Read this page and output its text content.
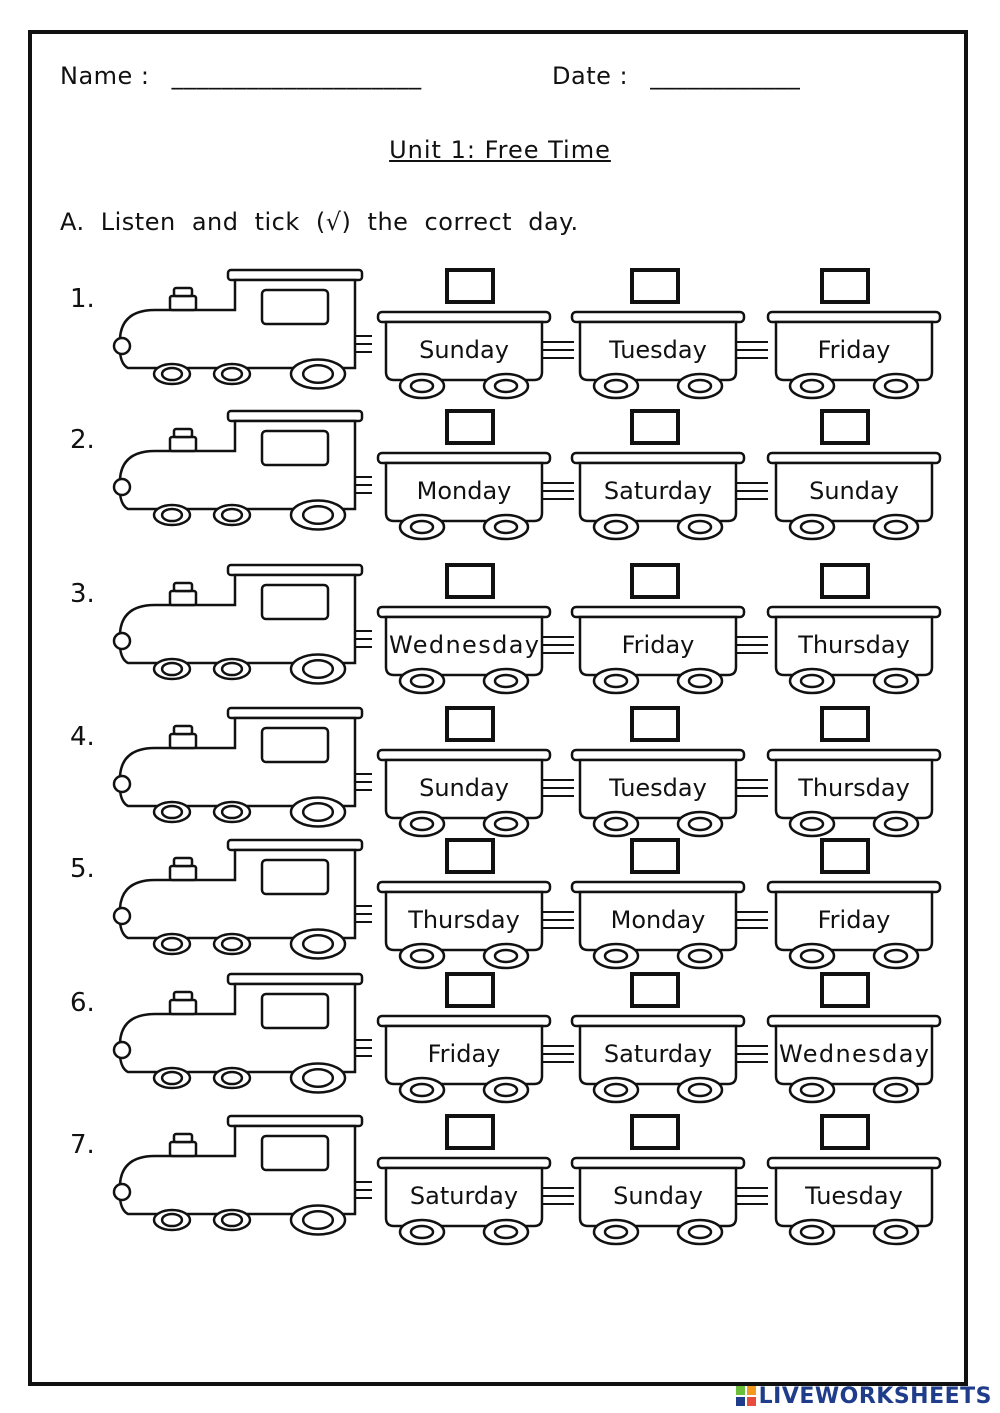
Name : ____________________	Date : ____________
Unit 1: Free Time
A. Listen and tick (√) the correct day.
1.
Sunday	Tuesday	Friday
2.
Monday	Saturday	Sunday
3.
Wednesday	Friday	Thursday
4.
Sunday	Tuesday	Thursday
5.
Thursday	Monday	Friday
6.
Friday	Saturday	Wednesday
7.
Saturday	Sunday	Tuesday
LIVEWORKSHEETS
